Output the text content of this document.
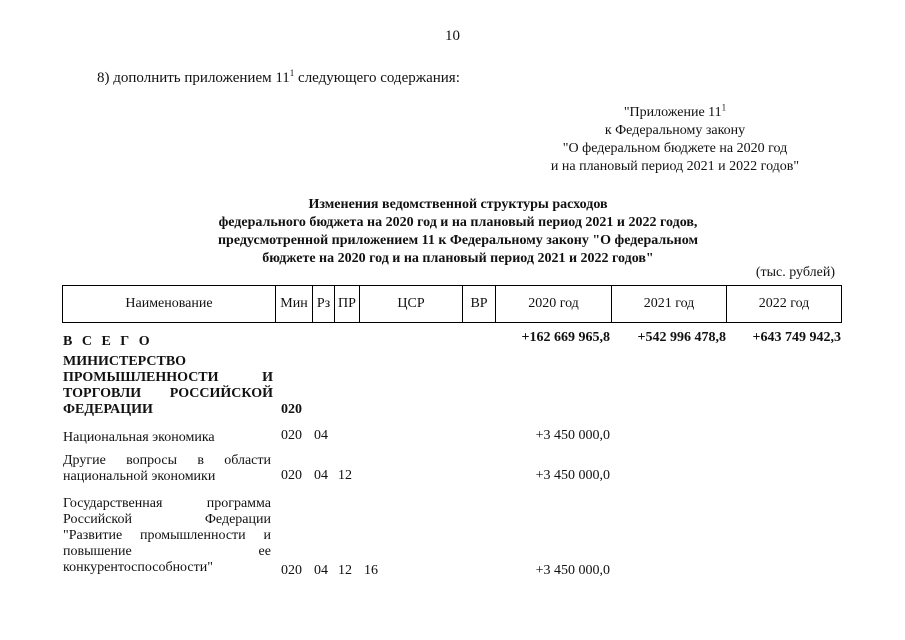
10
8) дополнить приложением $11^1$ следующего содержания:
"Приложение $11^1$
к Федеральному закону
"О федеральном бюджете на 2020 год
и на плановый период 2021 и 2022 годов"
Изменения ведомственной структуры расходов
федерального бюджета на 2020 год и на плановый период 2021 и 2022 годов,
предусмотренной приложением 11 к Федеральному закону "О федеральном
бюджете на 2020 год и на плановый период 2021 и 2022 годов"
(тыс. рублей)
Наименование	Мин Рз ПР	ЦСР	ВР	2020 год	2021 год	2022 год
В С Е Г О	+162 669 965,8	+542 996 478,8	+643 749 942,3
МИНИСТЕРСТВО
ПРОМЫШЛЕННОСТИ	И
ТОРГОВЛИ РОССИЙСКОЙ
ФЕДЕРАЦИИ	020
Национальная экономика	020 04	+3 450 000,0
Другие вопросы в области
национальной экономики	020 04 12	+3 450 000,0
Государственная программа
Российской Федерации
"Развитие промышленности и
повышение ее
конкурентоспособности"	020 04 12 16	+3 450 000,0
